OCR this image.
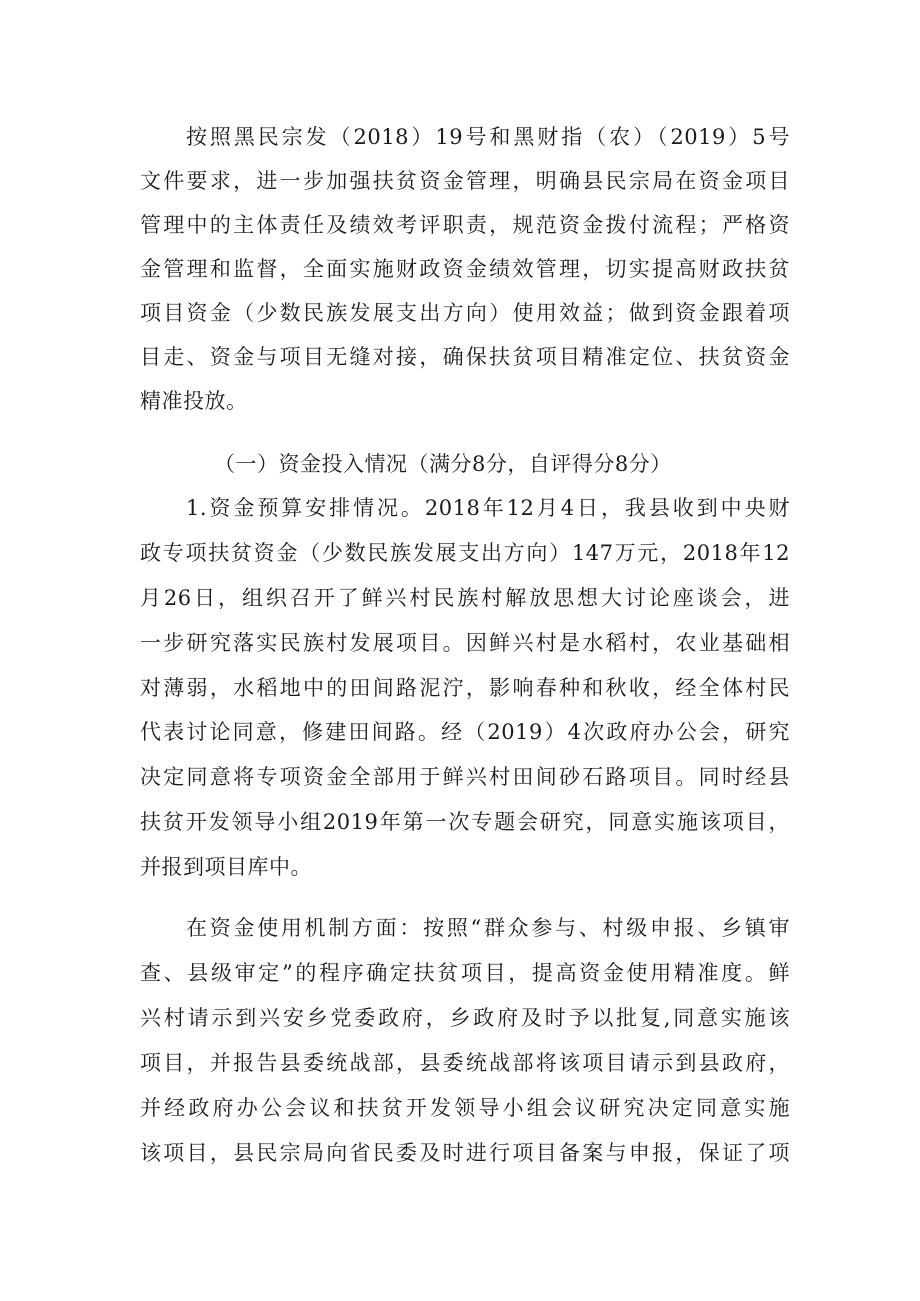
按照黑民宗发（2018）19号和黑财指（农）（2019）5号
文件要求，进一步加强扶贫资金管理，明确县民宗局在资金项目
管理中的主体责任及绩效考评职责，规范资金拨付流程；严格资
金管理和监督，全面实施财政资金绩效管理，切实提高财政扶贫
项目资金（少数民族发展支出方向）使用效益；做到资金跟着项
目走、资金与项目无缝对接，确保扶贫项目精准定位、扶贫资金
精准投放。
（一）资金投入情况（满分8分，自评得分8分）
1.资金预算安排情况。2018年12月4日，我县收到中央财
政专项扶贫资金（少数民族发展支出方向）147万元，2018年12
月26日，组织召开了鲜兴村民族村解放思想大讨论座谈会，进
一步研究落实民族村发展项目。因鲜兴村是水稻村，农业基础相
对薄弱，水稻地中的田间路泥泞，影响春种和秋收，经全体村民
代表讨论同意，修建田间路。经（2019）4次政府办公会，研究
决定同意将专项资金全部用于鲜兴村田间砂石路项目。同时经县
扶贫开发领导小组2019年第一次专题会研究，同意实施该项目，
并报到项目库中。
在资金使用机制方面：按照“群众参与、村级申报、乡镇审
查、县级审定”的程序确定扶贫项目，提高资金使用精准度。鲜
兴村请示到兴安乡党委政府，乡政府及时予以批复,同意实施该
项目，并报告县委统战部，县委统战部将该项目请示到县政府，
并经政府办公会议和扶贫开发领导小组会议研究决定同意实施
该项目，县民宗局向省民委及时进行项目备案与申报，保证了项
